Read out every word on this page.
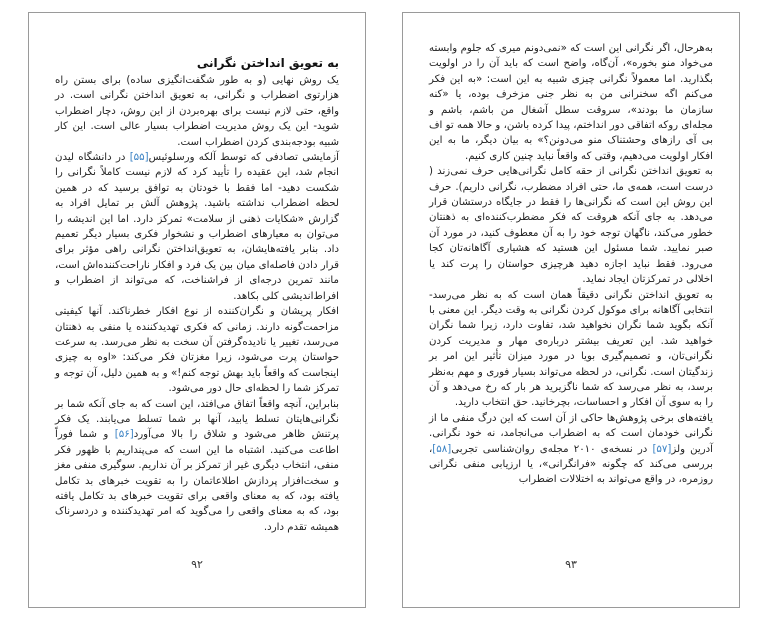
به تعویق انداختن نگرانی

یک روش نهایی (و به طور شگفت‌انگیزی ساده) برای بستن راه هزارتوی اضطراب و نگرانی، به تعویق انداختن نگرانی است. در واقع، حتی لازم نیست برای بهره‌بردن از این روش، دچار اضطراب شوید- این یک روش مدیریت اضطراب بسیار عالی است. این کار شبیه بودجه‌بندی کردن اضطراب است.

آزمایشی تصادفی که توسط آلکه ورسلوئیس[۵۵] در دانشگاه لیدن انجام شد، این عقیده را تأیید کرد که لازم نیست کاملاً نگرانی را شکست دهید- اما فقط با خودتان به توافق برسید که در همین لحظه اضطراب نداشته باشید. پژوهش آلش بر تمایل افراد به گزارش «شکایات ذهنی از سلامت» تمرکز دارد. اما این اندیشه را می‌توان به معیارهای اضطراب و نشخوار فکری بسیار دیگر تعمیم داد. بنابر یافته‌هایشان، به تعویق‌انداختن نگرانی راهی مؤثر برای قرار دادن فاصله‌ای میان بین یک فرد و افکار ناراحت‌کننده‌اش است، مانند تمرین درجه‌ای از فراشناخت، که می‌تواند از اضطراب و افراط‌اندیشی کلی بکاهد.

افکار پریشان و نگران‌کننده از نوع افکار خطرناکند. آنها کیفیتی مزاحمت‌گونه دارند. زمانی که فکری تهدیدکننده یا منفی به ذهنتان می‌رسد، تغییر یا نادیده‌گرفتن آن سخت به نظر می‌رسد. به سرعت حواستان پرت می‌شود، زیرا مغزتان فکر می‌کند: «اوه به چیزی اینجاست که واقعاً باید بهش توجه کنم!» و به همین دلیل، آن توجه و تمرکز شما را لحظه‌ای حال دور می‌شود.

بنابراین، آنچه واقعاً اتفاق می‌افتد، این است که به جای آنکه شما بر نگرانی‌هایتان تسلط یابید، آنها بر شما تسلط می‌یابند. یک فکر پرتنش ظاهر می‌شود و شلاق را بالا می‌آورد[۵۶] و شما فوراً اطاعت می‌کنید. اشتباه ما این است که می‌پنداریم با ظهور فکر منفی، انتخاب دیگری غیر از تمرکز بر آن نداریم. سوگیری منفی مغز و سخت‌افزار پردازش اطلاعاتمان را به تقویت خبرهای بد تکامل یافته بود، که به معنای واقعی برای تقویت خبرهای بد تکامل یافته بود، که به معنای واقعی را می‌گوید که امر تهدیدکننده و دردسرناک همیشه تقدم دارد.

۹۲

به‌هرحال، اگر نگرانی این است که «نمی‌دونم میری که جلوم وابسته می‌خواد منو بخوره»، آن‌گاه، واضح است که باید آن را در اولویت بگذارید. اما معمولاً نگرانی چیزی شبیه به این است: «به این فکر می‌کنم اگه سخنرانی من به نظر جنی مزخرف بوده، یا «کنه سازمان ما بودند»، سروقت سطل آشغال من باشم، باشم و مجله‌ای روکه اتفاقی دور انداختم، پیدا کرده باشن، و حالا همه تو اف بی آی رازهای وحشتناک منو می‌دونن؟» به بیان دیگر، ما به این افکار اولویت می‌دهیم، وقتی که واقعاً نباید چنین کاری کنیم.

به تعویق انداختن نگرانی از حقه کامل نگرانی‌هایی حرف نمی‌زند ( درست است، همه‌ی ما، حتی افراد مضطرب، نگرانی داریم). حرف این روش این است که نگرانی‌ها را فقط در جایگاه درستشان قرار می‌دهد. به جای آنکه هروقت که فکر مضطرب‌کننده‌ای به ذهنتان خطور می‌کند، ناگهان توجه خود را به آن معطوف کنید، در مورد آن صبر نمایید. شما مسئول این هستید که هشیاری آگاهانه‌تان کجا می‌رود. فقط نباید اجازه دهید هرچیزی حواستان را پرت کند یا اخلالی در تمرکزتان ایجاد نماید.

به تعویق انداختن نگرانی دقیقاً همان است که به نظر می‌رسد- انتخابی آگاهانه برای موکول کردن نگرانی به وقت دیگر. این معنی با آنکه بگوید شما نگران نخواهید شد، تفاوت دارد، زیرا شما نگران خواهید شد. این تعریف بیشتر درباره‌ی مهار و مدیریت کردن نگرانی‌تان، و تصمیم‌گیری بویا در مورد میزان تأثیر این امر بر زندگیتان است. نگرانی، در لحظه می‌تواند بسیار فوری و مهم به‌نظر برسد، به نظر می‌رسد که شما ناگزیرید هر بار که رخ می‌دهد و آن را به سوی آن افکار و احساسات، بچرخانید. حق انتخاب دارید.

یافته‌های برخی پژوهش‌ها حاکی از آن است که این درگ منفی ما از نگرانی خودمان است که به اضطراب می‌انجامد، نه خود نگرانی. آدرین ولز[۵۷] در نسخه‌ی ۲۰۱۰ مجله‌ی روان‌شناسی تجربی[۵۸]، بررسی می‌کند که چگونه «فرانگرانی»، یا ارزیابی منفی نگرانی روزمره، در واقع می‌تواند به اختلالات اضطراب

۹۳
